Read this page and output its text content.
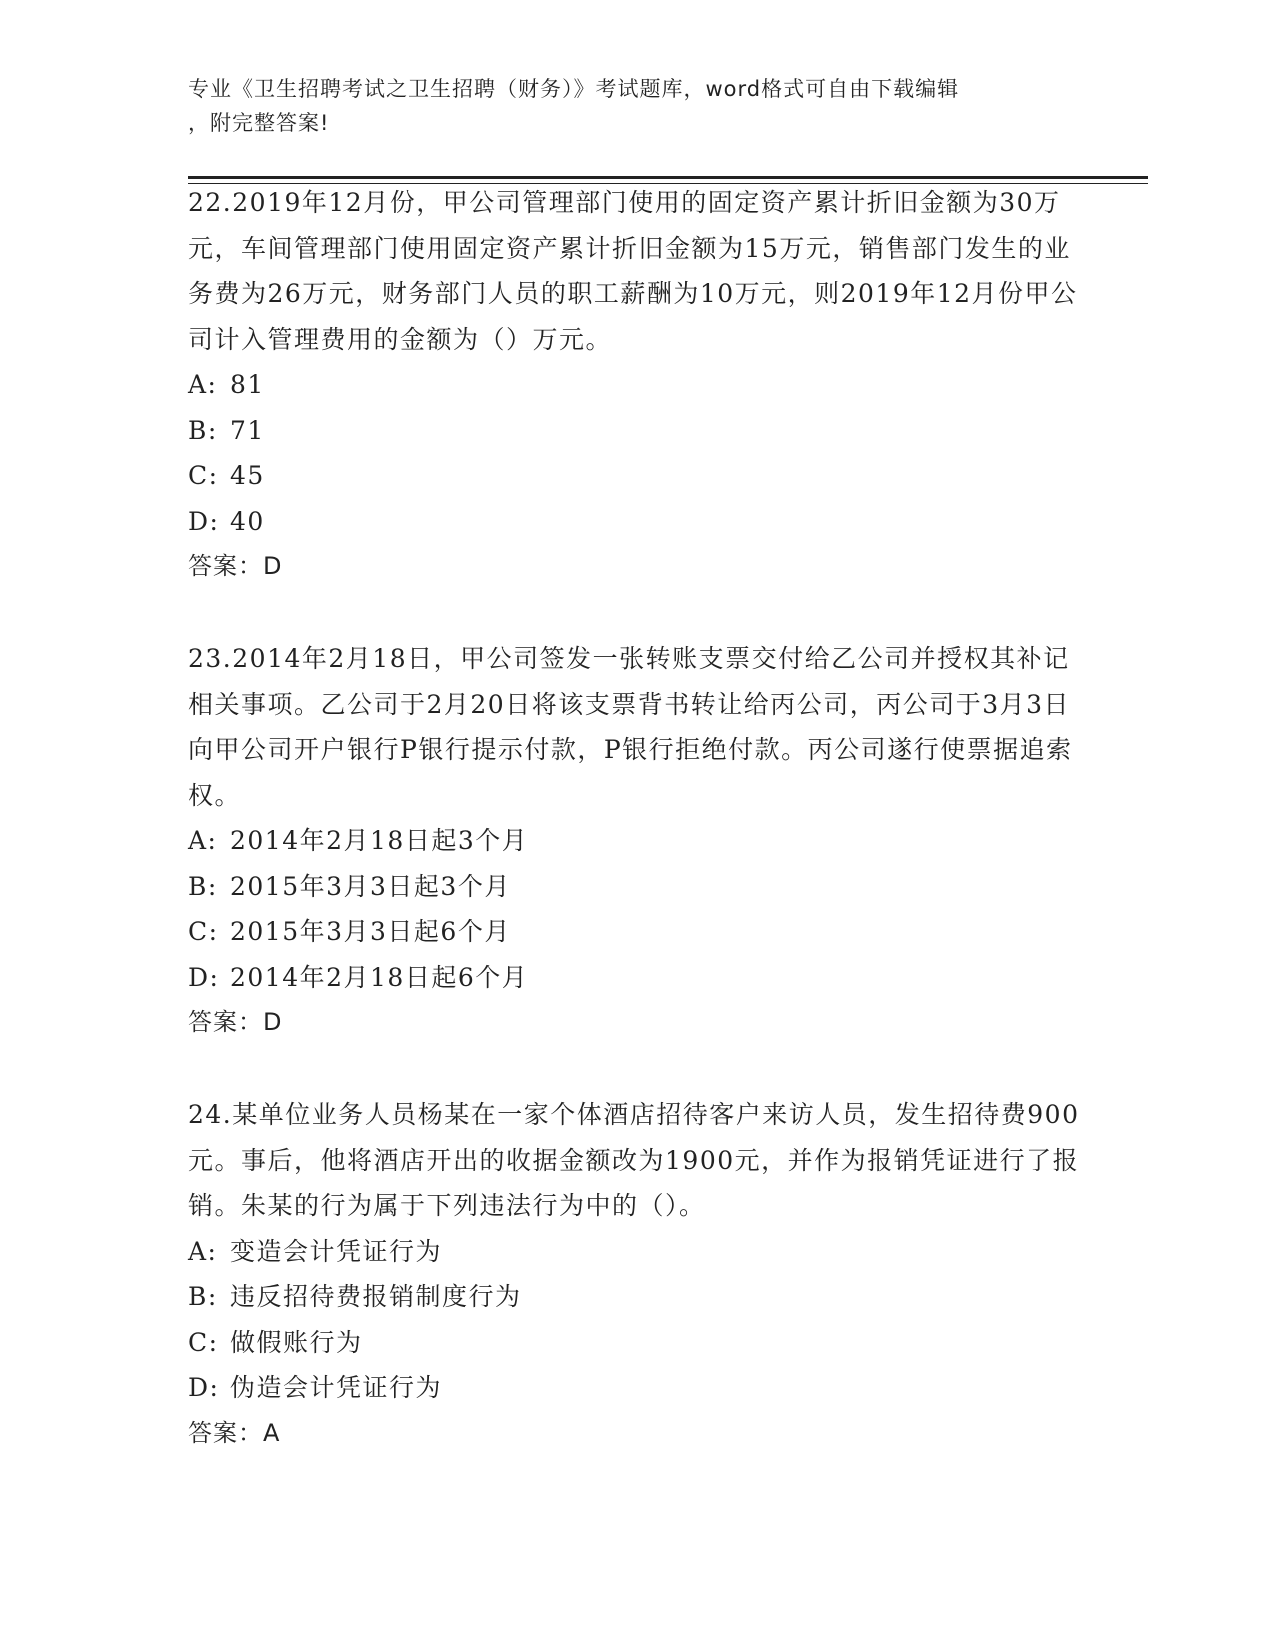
专业《卫生招聘考试之卫生招聘（财务）》考试题库，word格式可自由下载编辑
，附完整答案!

22.2019年12月份，甲公司管理部门使用的固定资产累计折旧金额为30万元，车间管理部门使用固定资产累计折旧金额为15万元，销售部门发生的业务费为26万元，财务部门人员的职工薪酬为10万元，则2019年12月份甲公司计入管理费用的金额为（）万元。

A: 81

B: 71

C: 45

D: 40

答案：D

23.2014年2月18日，甲公司签发一张转账支票交付给乙公司并授权其补记相关事项。乙公司于2月20日将该支票背书转让给丙公司，丙公司于3月3日向甲公司开户银行P银行提示付款，P银行拒绝付款。丙公司遂行使票据追索权。

A: 2014年2月18日起3个月

B: 2015年3月3日起3个月

C: 2015年3月3日起6个月

D: 2014年2月18日起6个月

答案：D

24.某单位业务人员杨某在一家个体酒店招待客户来访人员，发生招待费900元。事后，他将酒店开出的收据金额改为1900元，并作为报销凭证进行了报销。朱某的行为属于下列违法行为中的（）。

A: 变造会计凭证行为

B: 违反招待费报销制度行为

C: 做假账行为

D: 伪造会计凭证行为

答案：A
